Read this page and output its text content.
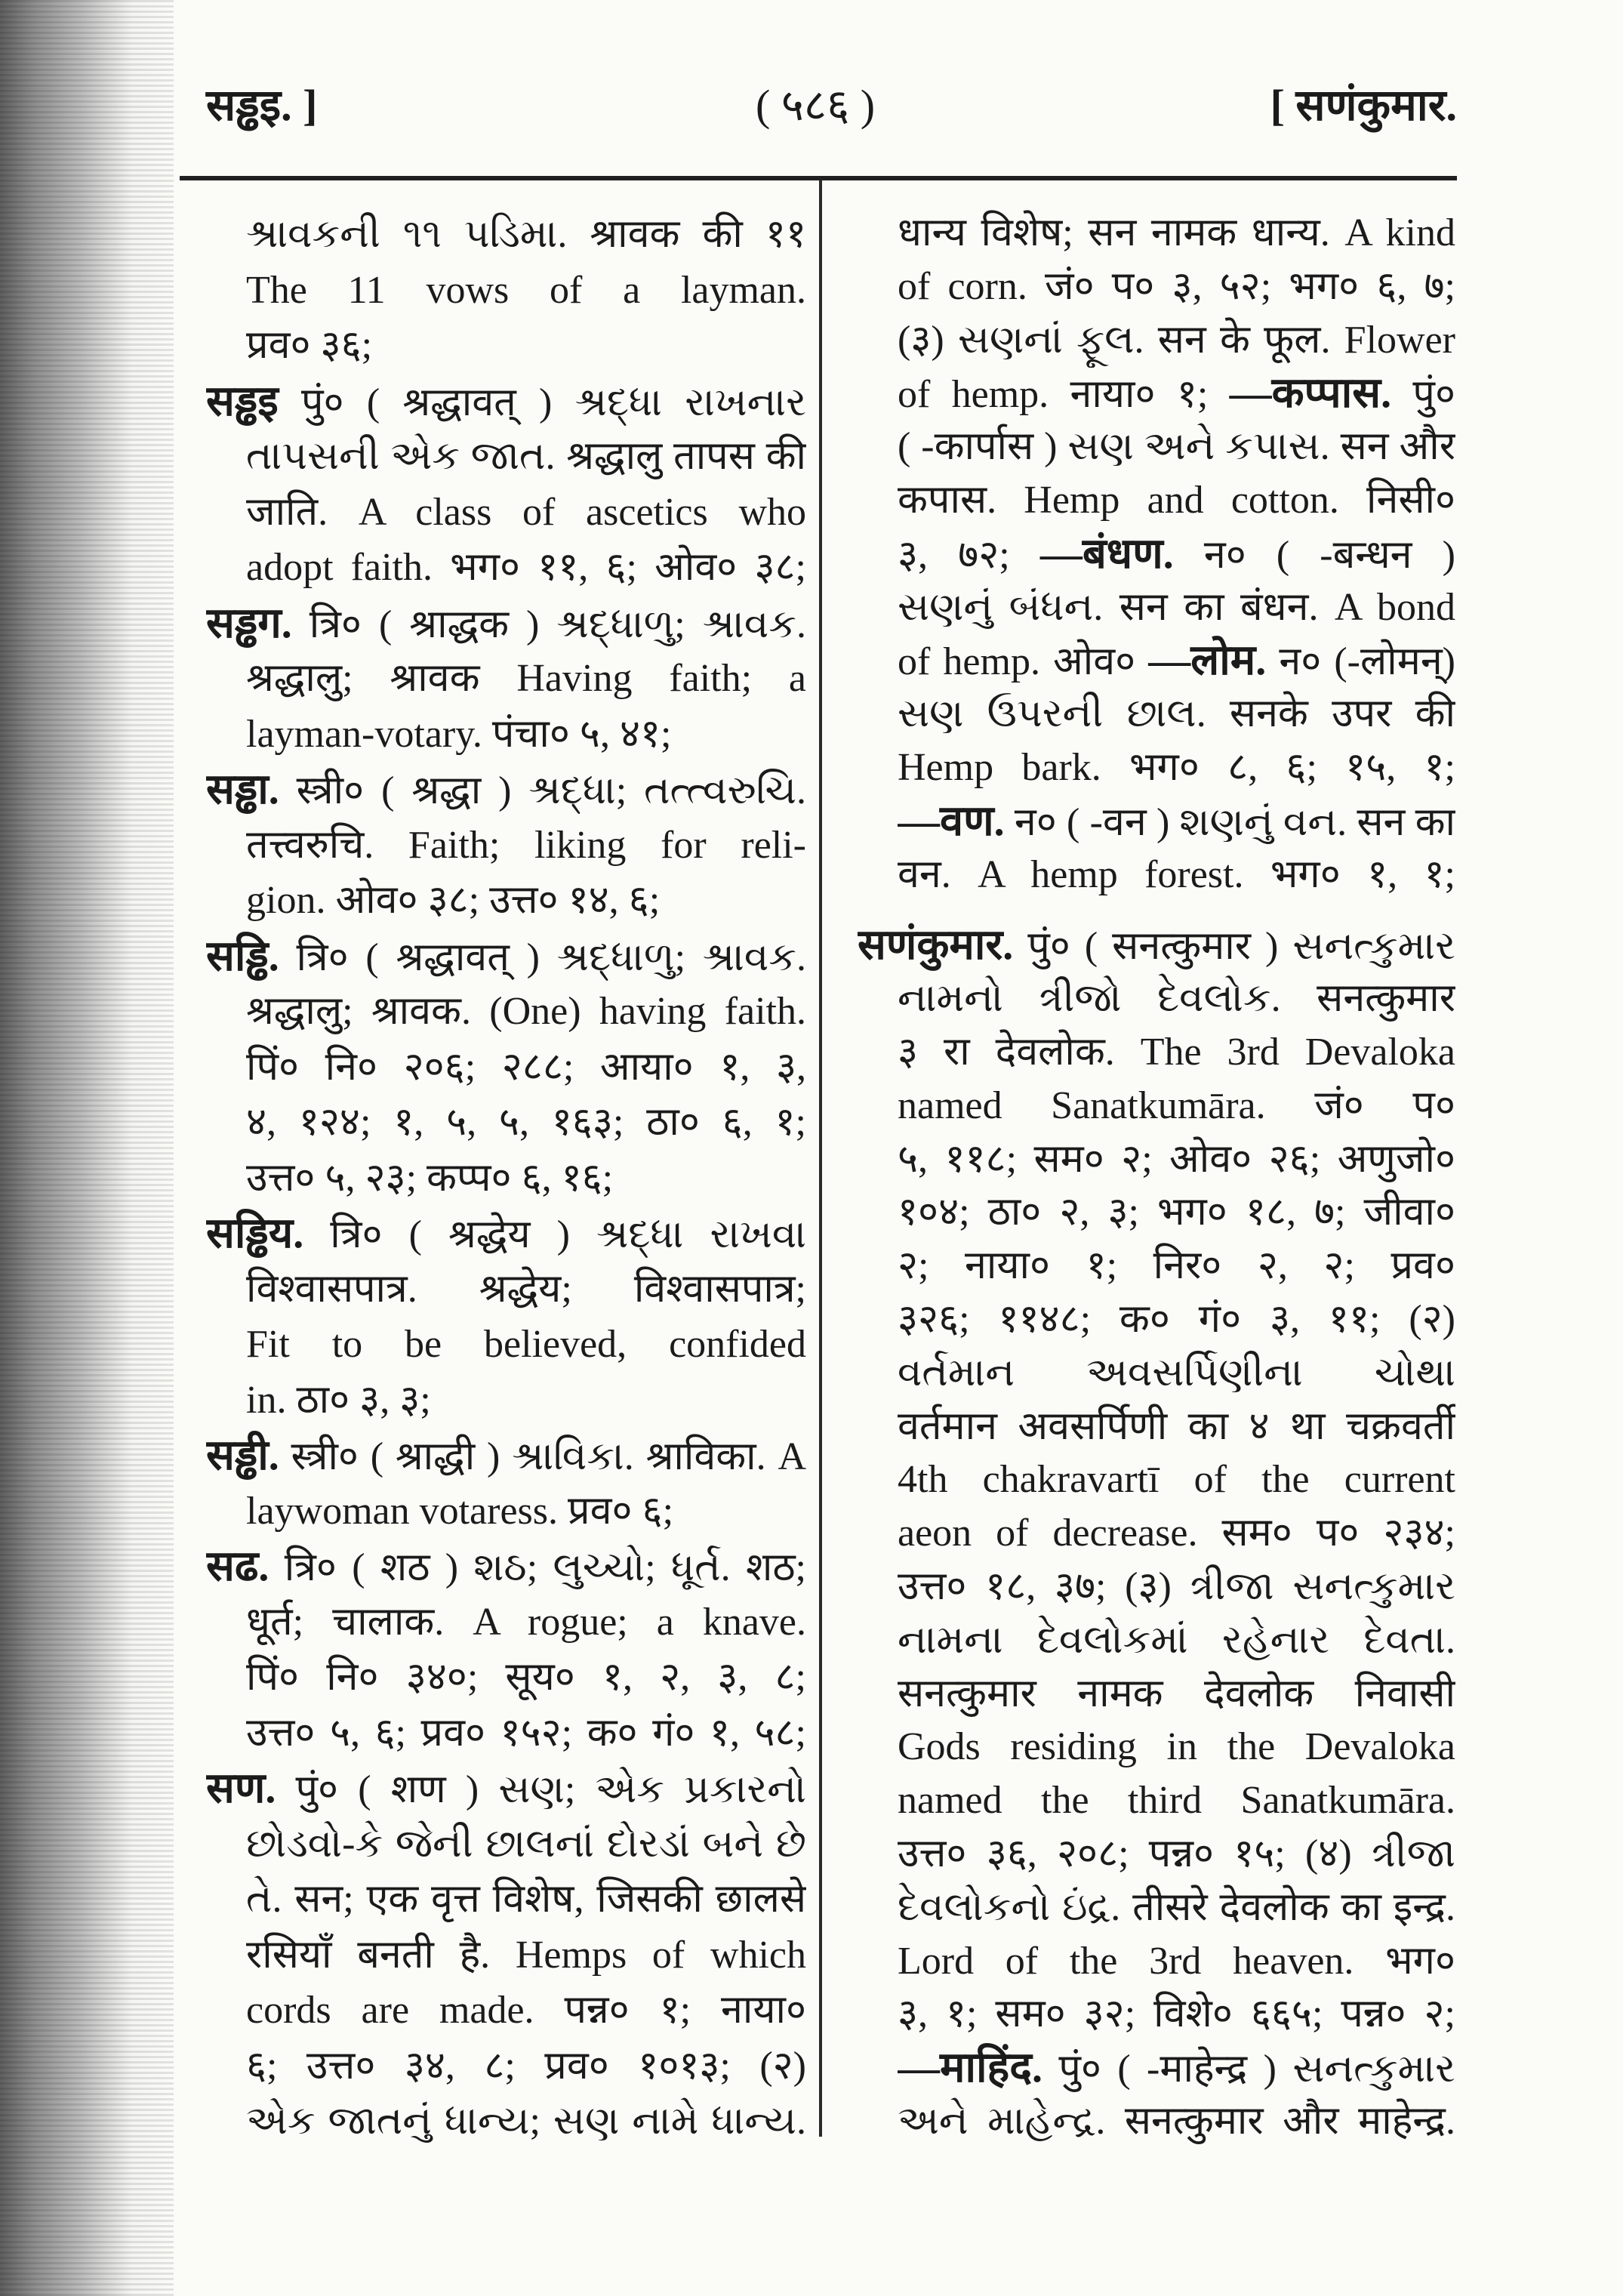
सड्ढइ. ]	( ५८६ )	[ सणंकुमार.
શ્રાવકની ૧૧ પડિમા. श्रावक की ११
The 11 vows of a layman.
प्रव० ३६;
सड्ढइ पुं० ( श्रद्धावत् ) શ્રદ્ધા રાખનાર
તાપસની એક જાત. श्रद्धालु तापस की
जाति. A class of ascetics who
adopt faith. भग० ११, ६; ओव० ३८;
सड्ढग. त्रि० ( श्राद्धक ) શ્રદ્ધાળુ; શ્રાવક.
श्रद्धालु; श्रावक Having faith; a
layman-votary. पंचा० ५, ४१;
सड्ढा. स्त्री० ( श्रद्धा ) શ્રદ્ધા; તત્ત્વરુચિ.
तत्त्वरुचि. Faith; liking for reli-
gion. ओव० ३८; उत्त० १४, ६;
सड्ढि. त्रि० ( श्रद्धावत् ) શ્રદ્ધાળુ; શ્રાવક.
श्रद्धालु; श्रावक. (One) having faith.
पिं० नि० २०६; २८८; आया० १, ३,
४, १२४; १, ५, ५, १६३; ठा० ६, १;
उत्त० ५, २३; कप्प० ६, १६;
सड्ढिय. त्रि० ( श्रद्धेय ) શ્રદ્ધા રાખવા
विश्वासपात्र. श्रद्धेय; विश्वासपात्र;
Fit to be believed, confided
in. ठा० ३, ३;
सड्ढी. स्त्री० ( श्राद्धी ) શ્રાવિકા. श्राविका. A
laywoman votaress. प्रव० ६;
सढ. त्रि० ( शठ ) શઠ; લુચ્ચો; ધૂર્ત. शठ;
धूर्त; चालाक. A rogue; a knave.
पिं० नि० ३४०; सूय० १, २, ३, ८;
उत्त० ५, ६; प्रव० १५२; क० गं० १, ५८;
सण. पुं० ( शण ) સણ; એક પ્રકારનો
છોડવો-કે જેની છાલનાં દોરડાં બને છે
તે. सन; एक वृत्त विशेष, जिसकी छालसे
रसियाँ बनती है. Hemps of which
cords are made. पन्न० १; नाया०
६; उत्त० ३४, ८; प्रव० १०१३; (२)
એક જાતનું ધાન્ય; સણ નામે ધાન્ય.
धान्य विशेष; सन नामक धान्य. A kind
of corn. जं० प० ३, ५२; भग० ६, ७;
(३) સણનાં ફૂલ. सन के फूल. Flower
of hemp. नाया० १; —कप्पास. पुं०
( -कार्पास ) સણ અને કપાસ. सन और
कपास. Hemp and cotton. निसी०
३, ७२; —बंधण. न० ( -बन्धन )
સણનું બંધન. सन का बंधन. A bond
of hemp. ओव० —लोम. न० (-लोमन्)
સણ ઉપરની છાલ. सनके उपर की
Hemp bark. भग० ८, ६; १५, १;
—वण. न० ( -वन ) શણનું વન. सन का
वन. A hemp forest. भग० १, १;
सणंकुमार. पुं० ( सनत्कुमार ) સનત્કુમાર
નામનો ત્રીજો દેવલોક. सनत्कुमार
३ रा देवलोक. The 3rd Devaloka
named Sanatkumāra. जं० प०
५, ११८; सम० २; ओव० २६; अणुजो०
१०४; ठा० २, ३; भग० १८, ७; जीवा०
२; नाया० १; निर० २, २; प्रव०
३२६; ११४८; क० गं० ३, ११; (२)
વર્તમાન અવસર્પિણીના ચોથા
वर्तमान अवसर्पिणी का ४ था चक्रवर्ती
4th chakravartī of the current
aeon of decrease. सम० प० २३४;
उत्त० १८, ३७; (३) ત્રીજા સનત્કુમાર
નામના દેવલોકમાં રહેનાર દેવતા.
सनत्कुमार नामक देवलोक निवासी
Gods residing in the Devaloka
named the third Sanatkumāra.
उत्त० ३६, २०८; पन्न० १५; (४) ત્રીજા
દેવલોકનો ઇંદ્ર. तीसरे देवलोक का इन्द्र.
Lord of the 3rd heaven. भग०
३, १; सम० ३२; विशे० ६६५; पन्न० २;
—माहिंद. पुं० ( -माहेन्द्र ) સનત્કુમાર
અને માહેન્દ્ર. सनत्कुमार और माहेन्द्र.
